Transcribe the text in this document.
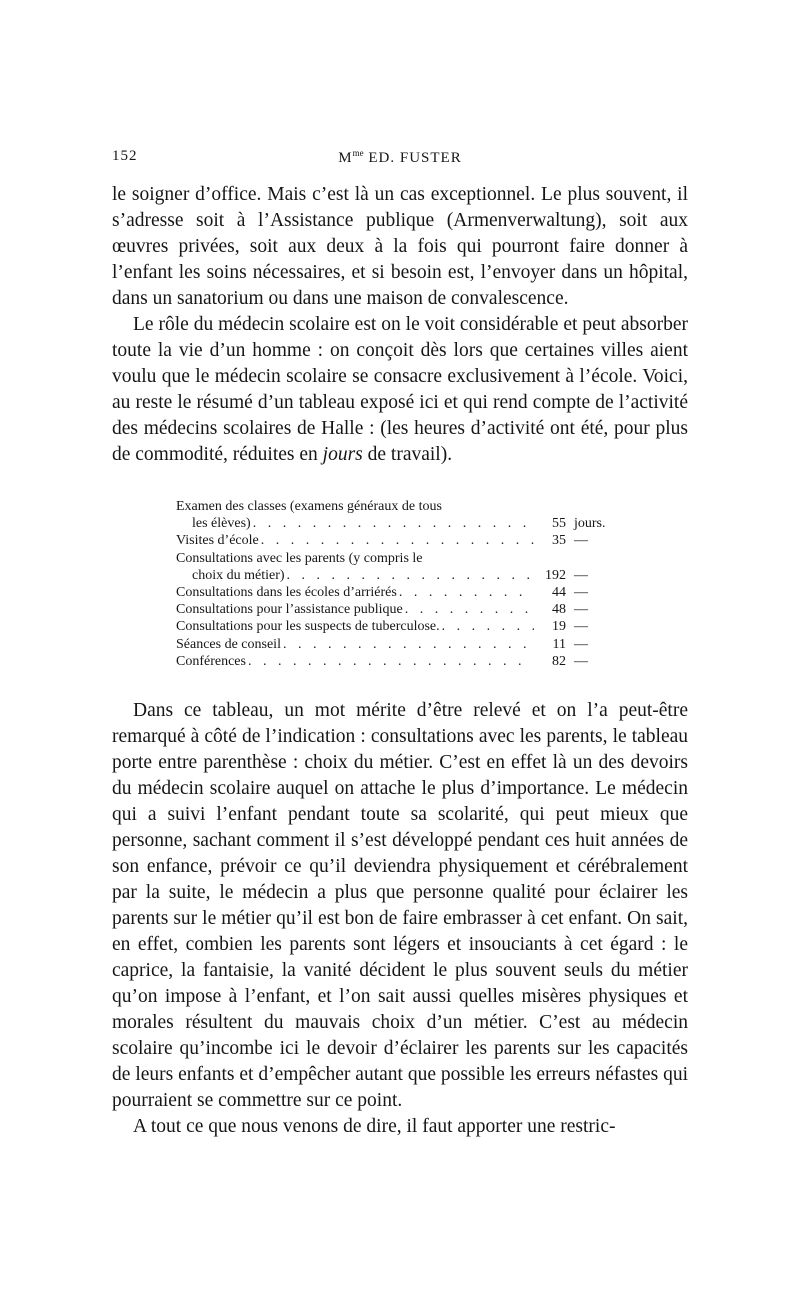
152	$M^{me}$ ED. FUSTER

le soigner d’office. Mais c’est là un cas exceptionnel. Le plus souvent, il s’adresse soit à l’Assistance publique (Armenverwaltung), soit aux œuvres privées, soit aux deux à la fois qui pourront faire donner à l’enfant les soins nécessaires, et si besoin est, l’envoyer dans un hôpital, dans un sanatorium ou dans une maison de convalescence.

Le rôle du médecin scolaire est on le voit considérable et peut absorber toute la vie d’un homme : on conçoit dès lors que certaines villes aient voulu que le médecin scolaire se consacre exclusivement à l’école. Voici, au reste le résumé d’un tableau exposé ici et qui rend compte de l’activité des médecins scolaires de Halle : (les heures d’activité ont été, pour plus de commodité, réduites en jours de travail).

Examen des classes (examens généraux de tous
les élèves) . . .	55 jours.
Visites d’école . . .	35 —
Consultations avec les parents (y compris le
choix du métier) . . .	192 —
Consultations dans les écoles d’arriérés . . .	44 —
Consultations pour l’assistance publique . . .	48 —
Consultations pour les suspects de tuberculose. . . .	19 —
Séances de conseil . . .	11 —
Conférences . . .	82 —

Dans ce tableau, un mot mérite d’être relevé et on l’a peut-être remarqué à côté de l’indication : consultations avec les parents, le tableau porte entre parenthèse : choix du métier. C’est en effet là un des devoirs du médecin scolaire auquel on attache le plus d’importance. Le médecin qui a suivi l’enfant pendant toute sa scolarité, qui peut mieux que personne, sachant comment il s’est développé pendant ces huit années de son enfance, prévoir ce qu’il deviendra physiquement et cérébralement par la suite, le médecin a plus que personne qualité pour éclairer les parents sur le métier qu’il est bon de faire embrasser à cet enfant. On sait, en effet, combien les parents sont légers et insouciants à cet égard : le caprice, la fantaisie, la vanité décident le plus souvent seuls du métier qu’on impose à l’enfant, et l’on sait aussi quelles misères physiques et morales résultent du mauvais choix d’un métier. C’est au médecin scolaire qu’incombe ici le devoir d’éclairer les parents sur les capacités de leurs enfants et d’empêcher autant que possible les erreurs néfastes qui pourraient se commettre sur ce point.

A tout ce que nous venons de dire, il faut apporter une restric-
